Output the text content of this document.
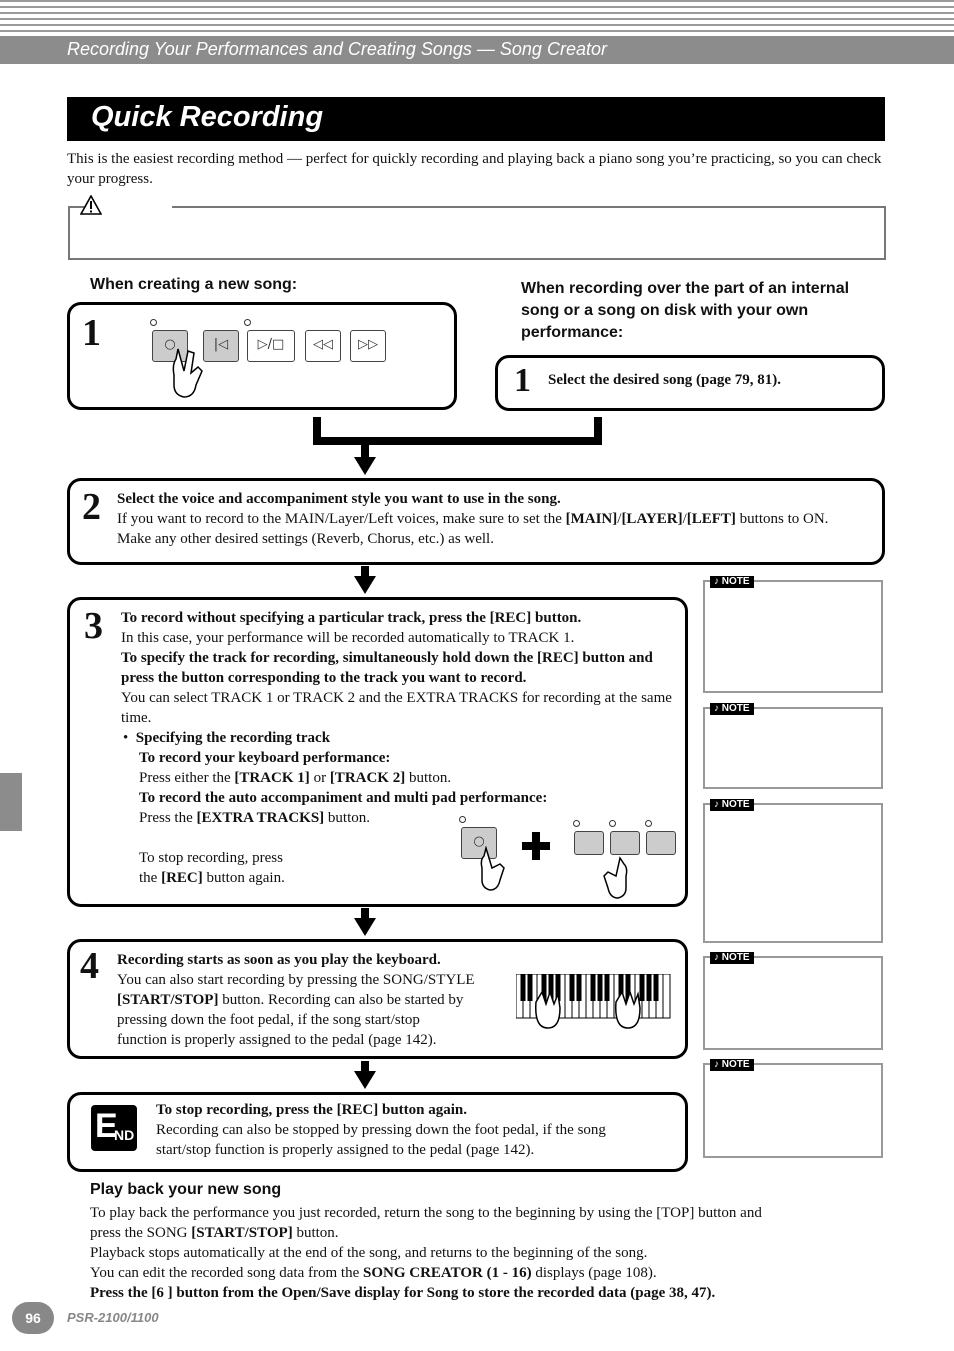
Recording Your Performances and Creating Songs — Song Creator
Quick Recording
This is the easiest recording method — perfect for quickly recording and playing back a piano song you’re practicing, so you can check your progress.
When creating a new song:
1	○	|◁	▷/□	◁◁	▷▷
When recording over the part of an internal song or a song on disk with your own performance:
1 Select the desired song (page 79, 81).
2 Select the voice and accompaniment style you want to use in the song.
If you want to record to the MAIN/Layer/Left voices, make sure to set the [MAIN]/[LAYER]/[LEFT] buttons to ON.
Make any other desired settings (Reverb, Chorus, etc.) as well.
3 To record without specifying a particular track, press the [REC] button.
In this case, your performance will be recorded automatically to TRACK 1.
To specify the track for recording, simultaneously hold down the [REC] button and press the button corresponding to the track you want to record.
You can select TRACK 1 or TRACK 2 and the EXTRA TRACKS for recording at the same time.
• Specifying the recording track
To record your keyboard performance:
Press either the [TRACK 1] or [TRACK 2] button.
To record the auto accompaniment and multi pad performance:
Press the [EXTRA TRACKS] button.
To stop recording, press
the [REC] button again.
○
4 Recording starts as soon as you play the keyboard.
You can also start recording by pressing the SONG/STYLE
[START/STOP] button. Recording can also be started by
pressing down the foot pedal, if the song start/stop
function is properly assigned to the pedal (page 142).
E
ND
To stop recording, press the [REC] button again.
Recording can also be stopped by pressing down the foot pedal, if the song
start/stop function is properly assigned to the pedal (page 142).
♪ NOTE
♪ NOTE
♪ NOTE
♪ NOTE
♪ NOTE
Play back your new song
To play back the performance you just recorded, return the song to the beginning by using the [TOP] button and
press the SONG [START/STOP] button.
Playback stops automatically at the end of the song, and returns to the beginning of the song.
You can edit the recorded song data from the SONG CREATOR (1 - 16) displays (page 108).
Press the [6 ] button from the Open/Save display for Song to store the recorded data (page 38, 47).
96	PSR-2100/1100
